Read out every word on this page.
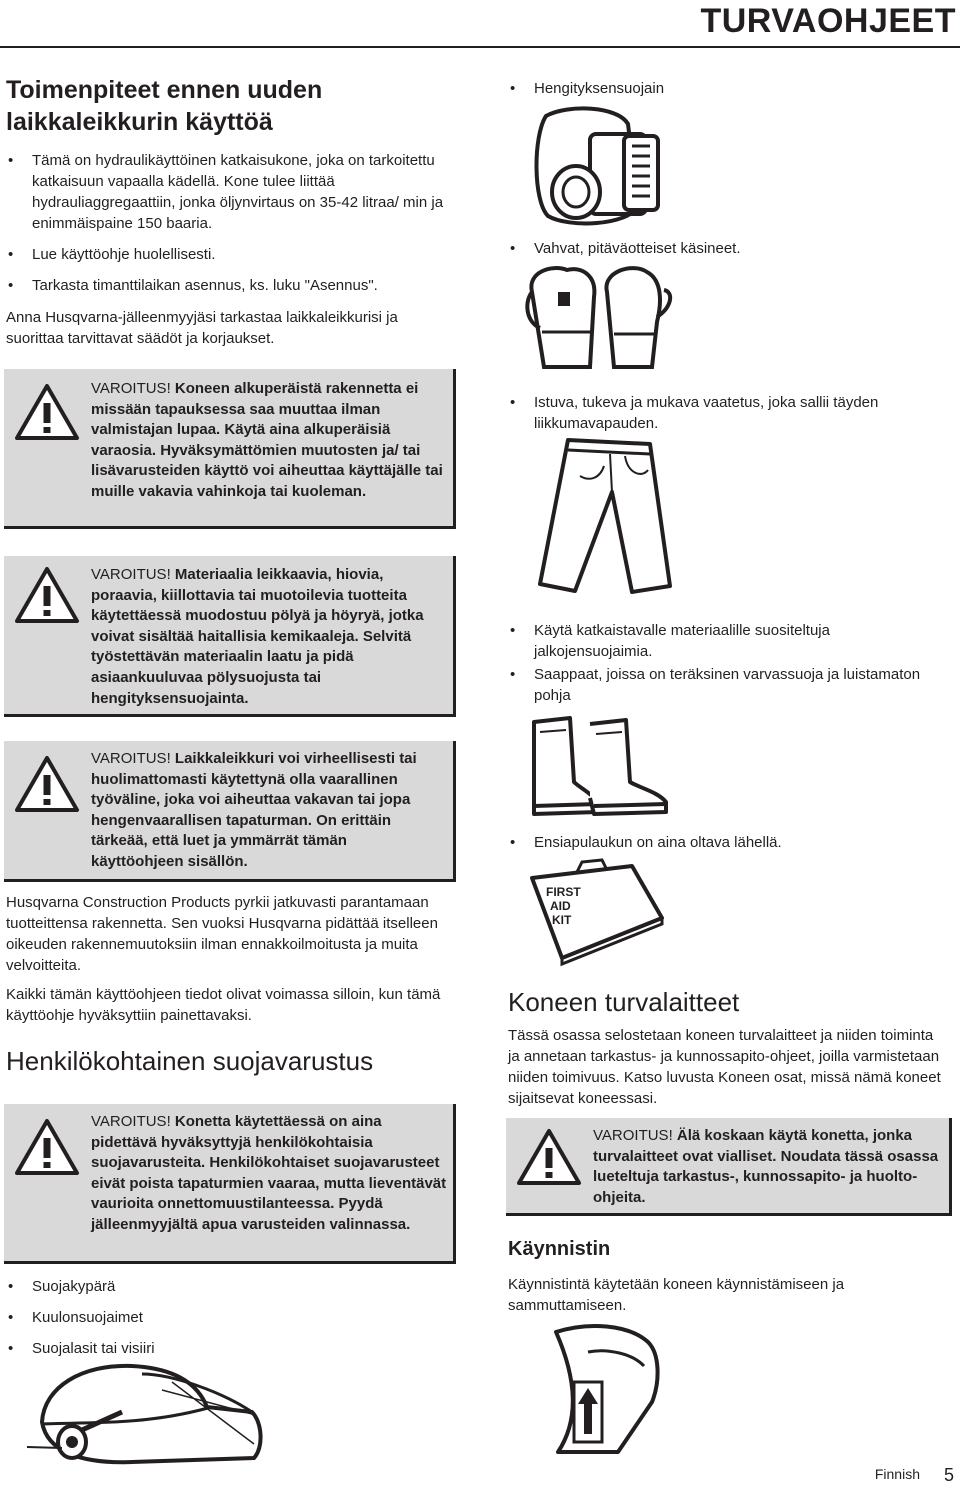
TURVAOHJEET
Toimenpiteet ennen uuden laikkaleikkurin käyttöä
• Tämä on hydraulikäyttöinen katkaisukone, joka on tarkoitettu katkaisuun vapaalla kädellä. Kone tulee liittää hydrauliaggregaattiin, jonka öljynvirtaus on 35-42 litraa/ min ja enimmäispaine 150 baaria.
• Lue käyttöohje huolellisesti.
• Tarkasta timanttilaikan asennus, ks. luku "Asennus".
Anna Husqvarna-jälleenmyyjäsi tarkastaa laikkaleikkurisi ja suorittaa tarvittavat säädöt ja korjaukset.
VAROITUS! Koneen alkuperäistä rakennetta ei missään tapauksessa saa muuttaa ilman valmistajan lupaa. Käytä aina alkuperäisiä varaosia. Hyväksymättömien muutosten ja/ tai lisävarusteiden käyttö voi aiheuttaa käyttäjälle tai muille vakavia vahinkoja tai kuoleman.
VAROITUS! Materiaalia leikkaavia, hiovia, poraavia, kiillottavia tai muotoilevia tuotteita käytettäessä muodostuu pölyä ja höyryä, jotka voivat sisältää haitallisia kemikaaleja. Selvitä työstettävän materiaalin laatu ja pidä asiaankuuluvaa pölysuojusta tai hengityksensuojainta.
VAROITUS! Laikkaleikkuri voi virheellisesti tai huolimattomasti käytettynä olla vaarallinen työväline, joka voi aiheuttaa vakavan tai jopa hengenvaarallisen tapaturman. On erittäin tärkeää, että luet ja ymmärrät tämän käyttöohjeen sisällön.
Husqvarna Construction Products pyrkii jatkuvasti parantamaan tuotteittensa rakennetta. Sen vuoksi Husqvarna pidättää itselleen oikeuden rakennemuutoksiin ilman ennakkoilmoitusta ja muita velvoitteita.
Kaikki tämän käyttöohjeen tiedot olivat voimassa silloin, kun tämä käyttöohje hyväksyttiin painettavaksi.
Henkilökohtainen suojavarustus
VAROITUS! Konetta käytettäessä on aina pidettävä hyväksyttyjä henkilökohtaisia suojavarusteita. Henkilökohtaiset suojavarusteet eivät poista tapaturmien vaaraa, mutta lieventävät vaurioita onnettomuustilanteessa. Pyydä jälleenmyyjältä apua varusteiden valinnassa.
• Suojakypärä
• Kuulonsuojaimet
• Suojalasit tai visiiri
• Hengityksensuojain
• Vahvat, pitäväotteiset käsineet.
• Istuva, tukeva ja mukava vaatetus, joka sallii täyden liikkumavapauden.
• Käytä katkaistavalle materiaalille suositeltuja jalkojensuojaimia.
• Saappaat, joissa on teräksinen varvassuoja ja luistamaton pohja
• Ensiapulaukun on aina oltava lähellä.
FIRST
AID
KIT
Koneen turvalaitteet
Tässä osassa selostetaan koneen turvalaitteet ja niiden toiminta ja annetaan tarkastus- ja kunnossapito-ohjeet, joilla varmistetaan niiden toimivuus. Katso luvusta Koneen osat, missä nämä koneet sijaitsevat koneessasi.
VAROITUS! Älä koskaan käytä konetta, jonka turvalaitteet ovat vialliset. Noudata tässä osassa lueteltuja tarkastus-, kunnossapito- ja huolto-ohjeita.
Käynnistin
Käynnistintä käytetään koneen käynnistämiseen ja sammuttamiseen.
Finnish 5
